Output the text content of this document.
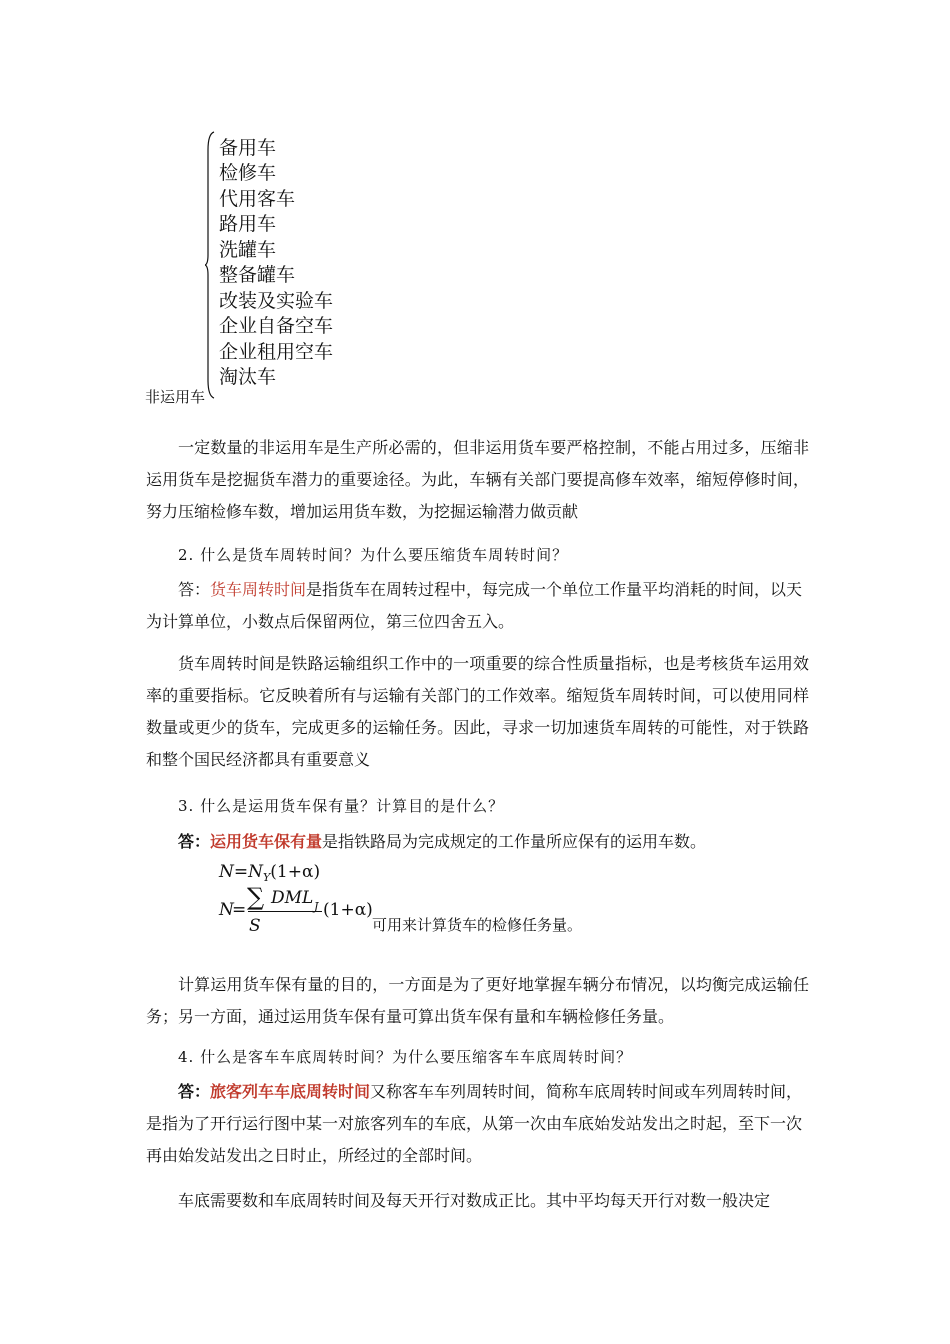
备用车
检修车
代用客车
路用车
洗罐车
整备罐车
改装及实验车
企业自备空车
企业租用空车
淘汰车
非运用车

一定数量的非运用车是生产所必需的，但非运用货车要严格控制，不能占用过多，压缩非运用货车是挖掘货车潜力的重要途径。为此，车辆有关部门要提高修车效率，缩短停修时间，努力压缩检修车数，增加运用货车数，为挖掘运输潜力做贡献

2. 什么是货车周转时间？为什么要压缩货车周转时间？

答：货车周转时间是指货车在周转过程中，每完成一个单位工作量平均消耗的时间，以天为计算单位，小数点后保留两位，第三位四舍五入。

货车周转时间是铁路运输组织工作中的一项重要的综合性质量指标，也是考核货车运用效率的重要指标。它反映着所有与运输有关部门的工作效率。缩短货车周转时间，可以使用同样数量或更少的货车，完成更多的运输任务。因此，寻求一切加速货车周转的可能性，对于铁路和整个国民经济都具有重要意义

3. 什么是运用货车保有量？计算目的是什么？

答：运用货车保有量是指铁路局为完成规定的工作量所应保有的运用车数。

$N=N_Y(1+\alpha)$
N
= ∑ DML J
S
(1+α)
可用来计算货车的检修任务量。

计算运用货车保有量的目的，一方面是为了更好地掌握车辆分布情况，以均衡完成运输任务；另一方面，通过运用货车保有量可算出货车保有量和车辆检修任务量。

4. 什么是客车车底周转时间？为什么要压缩客车车底周转时间？

答：旅客列车车底周转时间又称客车车列周转时间，简称车底周转时间或车列周转时间，是指为了开行运行图中某一对旅客列车的车底，从第一次由车底始发站发出之时起，至下一次再由始发站发出之日时止，所经过的全部时间。

车底需要数和车底周转时间及每天开行对数成正比。其中平均每天开行对数一般决定
